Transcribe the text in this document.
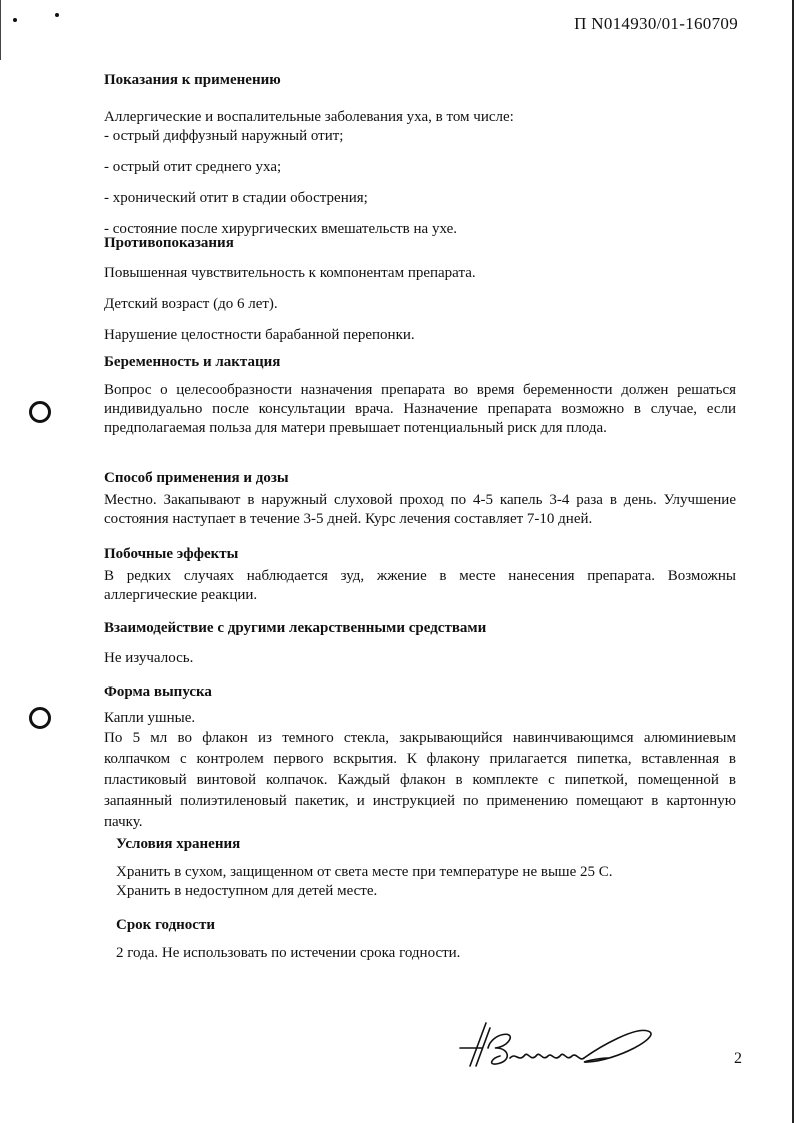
П N014930/01-160709

Показания к применению

Аллергические и воспалительные заболевания уха, в том числе:

- острый диффузный наружный отит;

- острый отит среднего уха;

- хронический отит в стадии обострения;

- состояние после хирургических вмешательств на ухе.

Противопоказания

Повышенная чувствительность к компонентам препарата.

Детский возраст (до 6 лет).

Нарушение целостности барабанной перепонки.

Беременность и лактация

Вопрос о целесообразности назначения препарата во время беременности должен решаться индивидуально после консультации врача. Назначение препарата возможно в случае, если предполагаемая польза для матери превышает потенциальный риск для плода.

Способ применения и дозы

Местно. Закапывают в наружный слуховой проход по 4-5 капель 3-4 раза в день. Улучшение состояния наступает в течение 3-5 дней. Курс лечения составляет 7-10 дней.

Побочные эффекты

В редких случаях наблюдается зуд, жжение в месте нанесения препарата. Возможны аллергические реакции.

Взаимодействие с другими лекарственными средствами

Не изучалось.

Форма выпуска

Капли ушные.

По 5 мл во флакон из темного стекла, закрывающийся навинчивающимся алюминиевым колпачком с контролем первого вскрытия. К флакону прилагается пипетка, вставленная в пластиковый винтовой колпачок. Каждый флакон в комплекте с пипеткой, помещенной в запаянный полиэтиленовый пакетик, и инструкцией по применению помещают в картонную пачку.

Условия хранения

Хранить в сухом, защищенном от света месте при температуре не выше 25 С.

Хранить в недоступном для детей месте.

Срок годности

2 года. Не использовать по истечении срока годности.

2
